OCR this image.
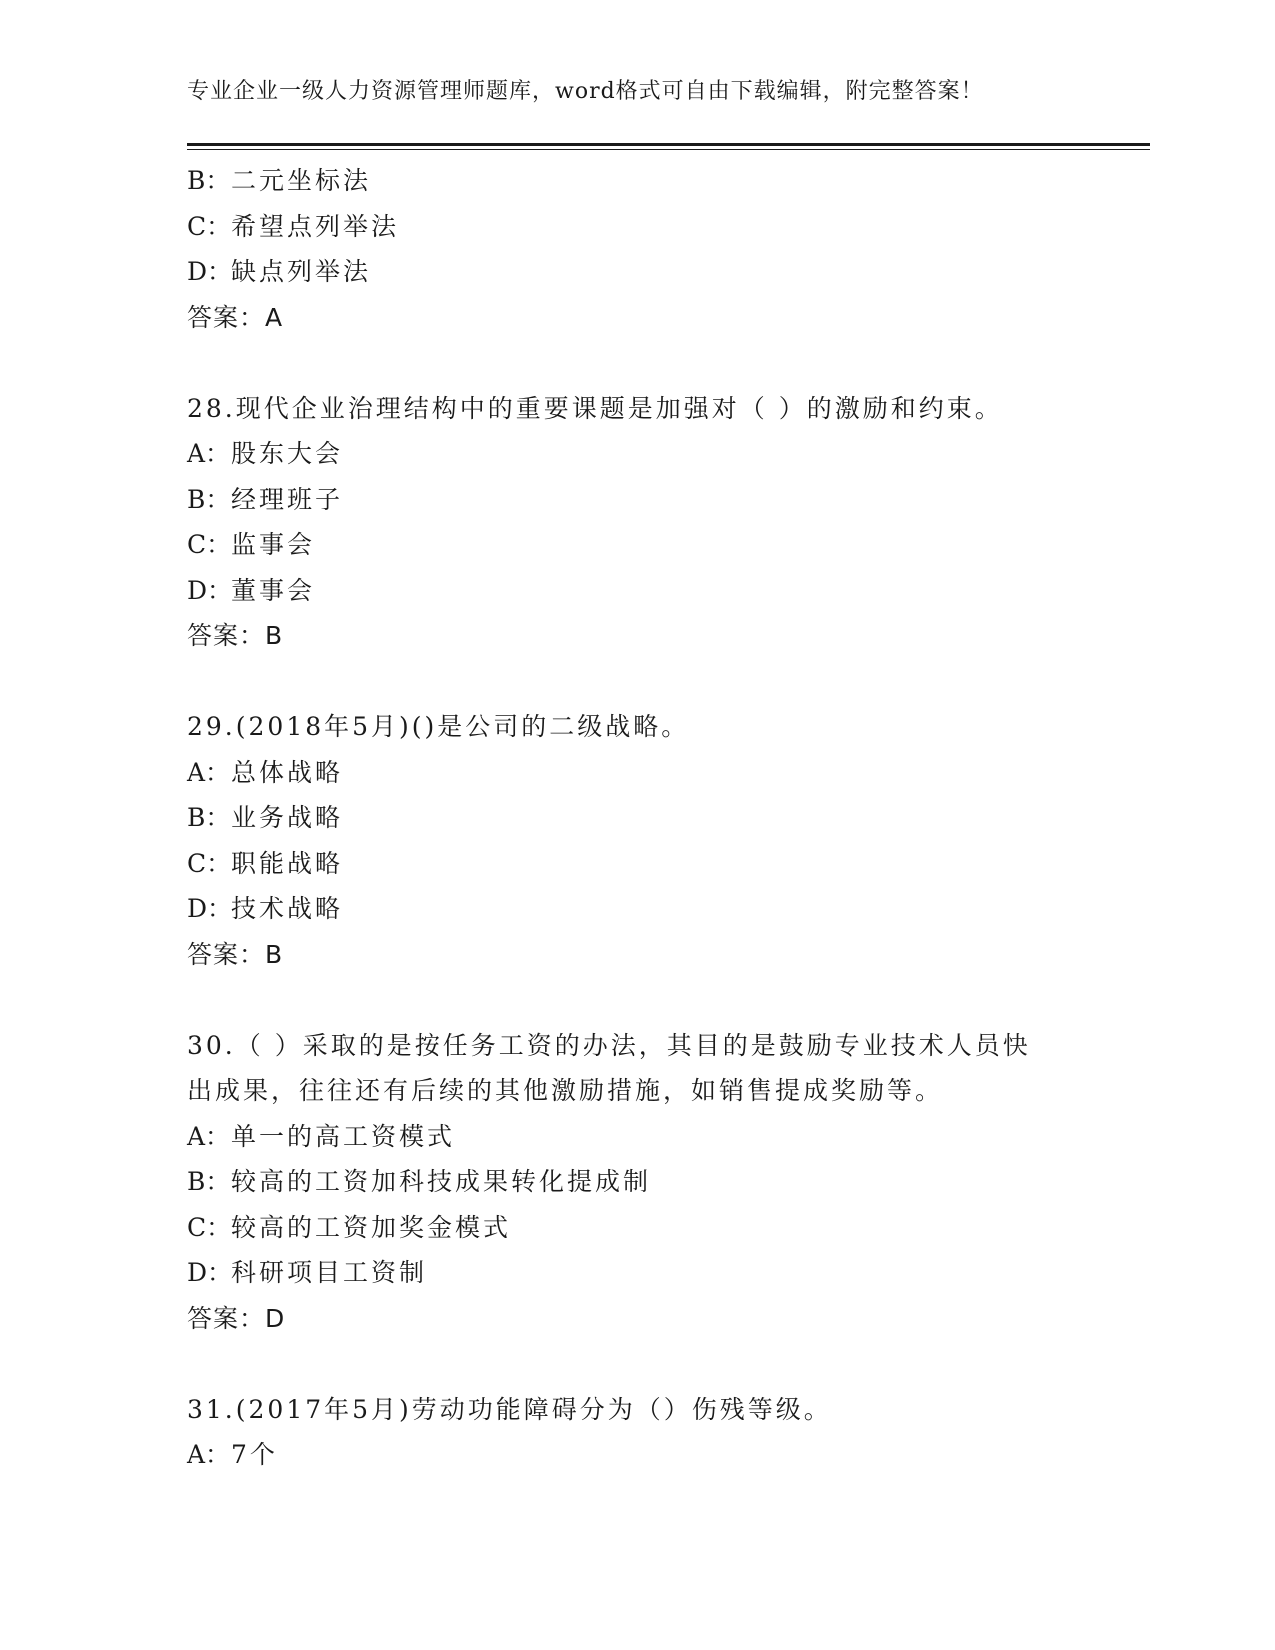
专业企业一级人力资源管理师题库，word格式可自由下载编辑，附完整答案！
B：二元坐标法
C：希望点列举法
D：缺点列举法
答案：A
28.现代企业治理结构中的重要课题是加强对（ ）的激励和约束。
A：股东大会
B：经理班子
C：监事会
D：董事会
答案：B
29.(2018年5月)()是公司的二级战略。
A：总体战略
B：业务战略
C：职能战略
D：技术战略
答案：B
30.（ ）采取的是按任务工资的办法，其目的是鼓励专业技术人员快
出成果，往往还有后续的其他激励措施，如销售提成奖励等。
A：单一的高工资模式
B：较高的工资加科技成果转化提成制
C：较高的工资加奖金模式
D：科研项目工资制
答案：D
31.(2017年5月)劳动功能障碍分为（）伤残等级。
A：7个
